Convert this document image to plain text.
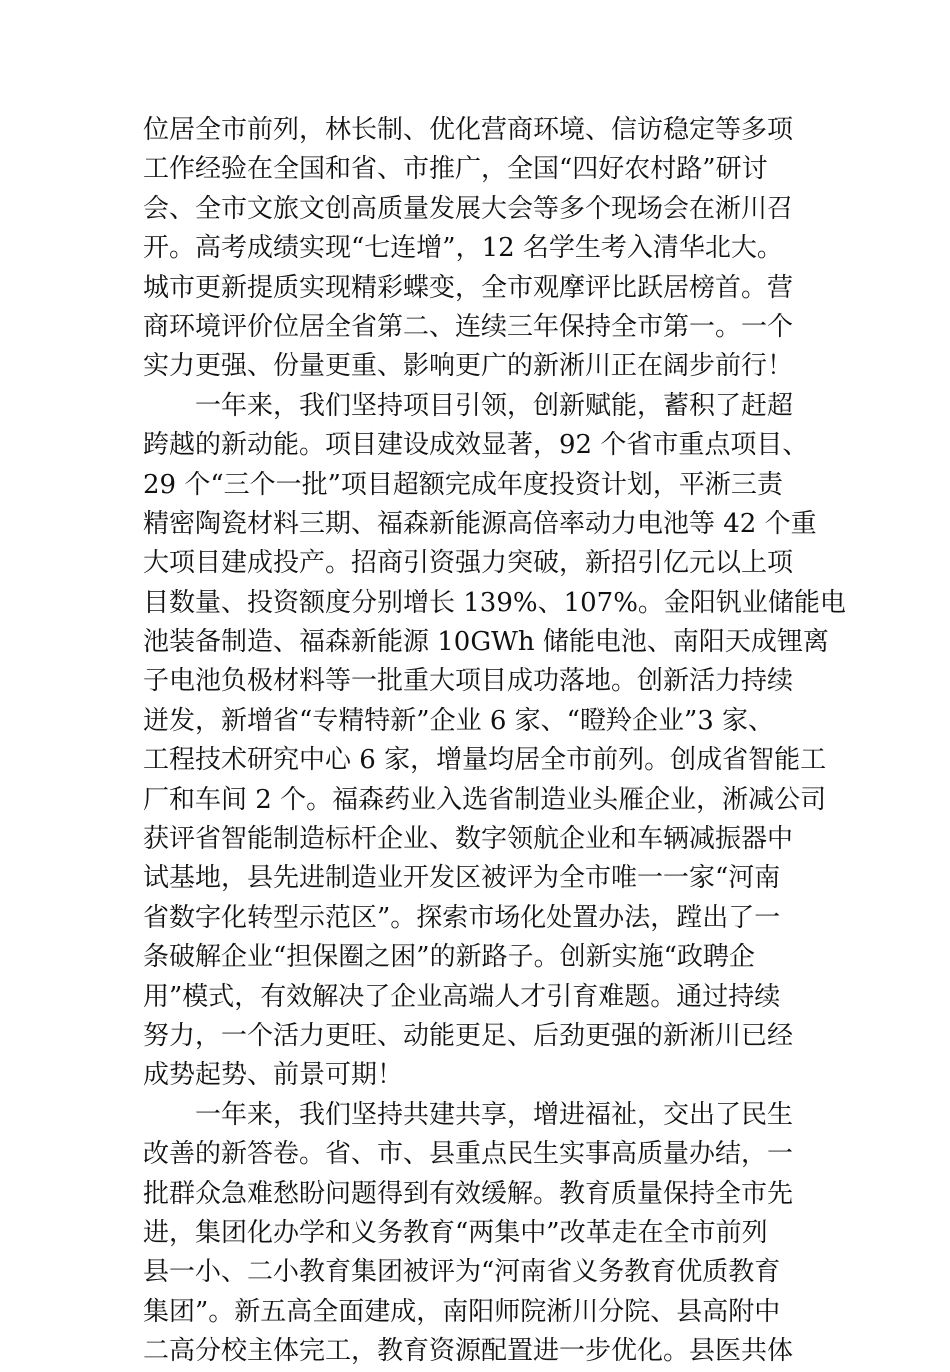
位居全市前列，林长制、优化营商环境、信访稳定等多项
工作经验在全国和省、市推广，全国“四好农村路”研讨
会、全市文旅文创高质量发展大会等多个现场会在淅川召
开。高考成绩实现“七连增”，12 名学生考入清华北大。
城市更新提质实现精彩蝶变，全市观摩评比跃居榜首。营
商环境评价位居全省第二、连续三年保持全市第一。一个
实力更强、份量更重、影响更广的新淅川正在阔步前行！
　　一年来，我们坚持项目引领，创新赋能，蓄积了赶超
跨越的新动能。项目建设成效显著，92 个省市重点项目、
29 个“三个一批”项目超额完成年度投资计划，平淅三责
精密陶瓷材料三期、福森新能源高倍率动力电池等 42 个重
大项目建成投产。招商引资强力突破，新招引亿元以上项
目数量、投资额度分别增长 139%、107%。金阳钒业储能电
池装备制造、福森新能源 10GWh 储能电池、南阳天成锂离
子电池负极材料等一批重大项目成功落地。创新活力持续
迸发，新增省“专精特新”企业 6 家、“瞪羚企业”3 家、
工程技术研究中心 6 家，增量均居全市前列。创成省智能工
厂和车间 2 个。福森药业入选省制造业头雁企业，淅减公司
获评省智能制造标杆企业、数字领航企业和车辆减振器中
试基地，县先进制造业开发区被评为全市唯一一家“河南
省数字化转型示范区”。探索市场化处置办法，蹚出了一
条破解企业“担保圈之困”的新路子。创新实施“政聘企
用”模式，有效解决了企业高端人才引育难题。通过持续
努力，一个活力更旺、动能更足、后劲更强的新淅川已经
成势起势、前景可期！
　　一年来，我们坚持共建共享，增进福祉，交出了民生
改善的新答卷。省、市、县重点民生实事高质量办结，一
批群众急难愁盼问题得到有效缓解。教育质量保持全市先
进，集团化办学和义务教育“两集中”改革走在全市前列
县一小、二小教育集团被评为“河南省义务教育优质教育
集团”。新五高全面建成，南阳师院淅川分院、县高附中
二高分校主体完工，教育资源配置进一步优化。县医共体
